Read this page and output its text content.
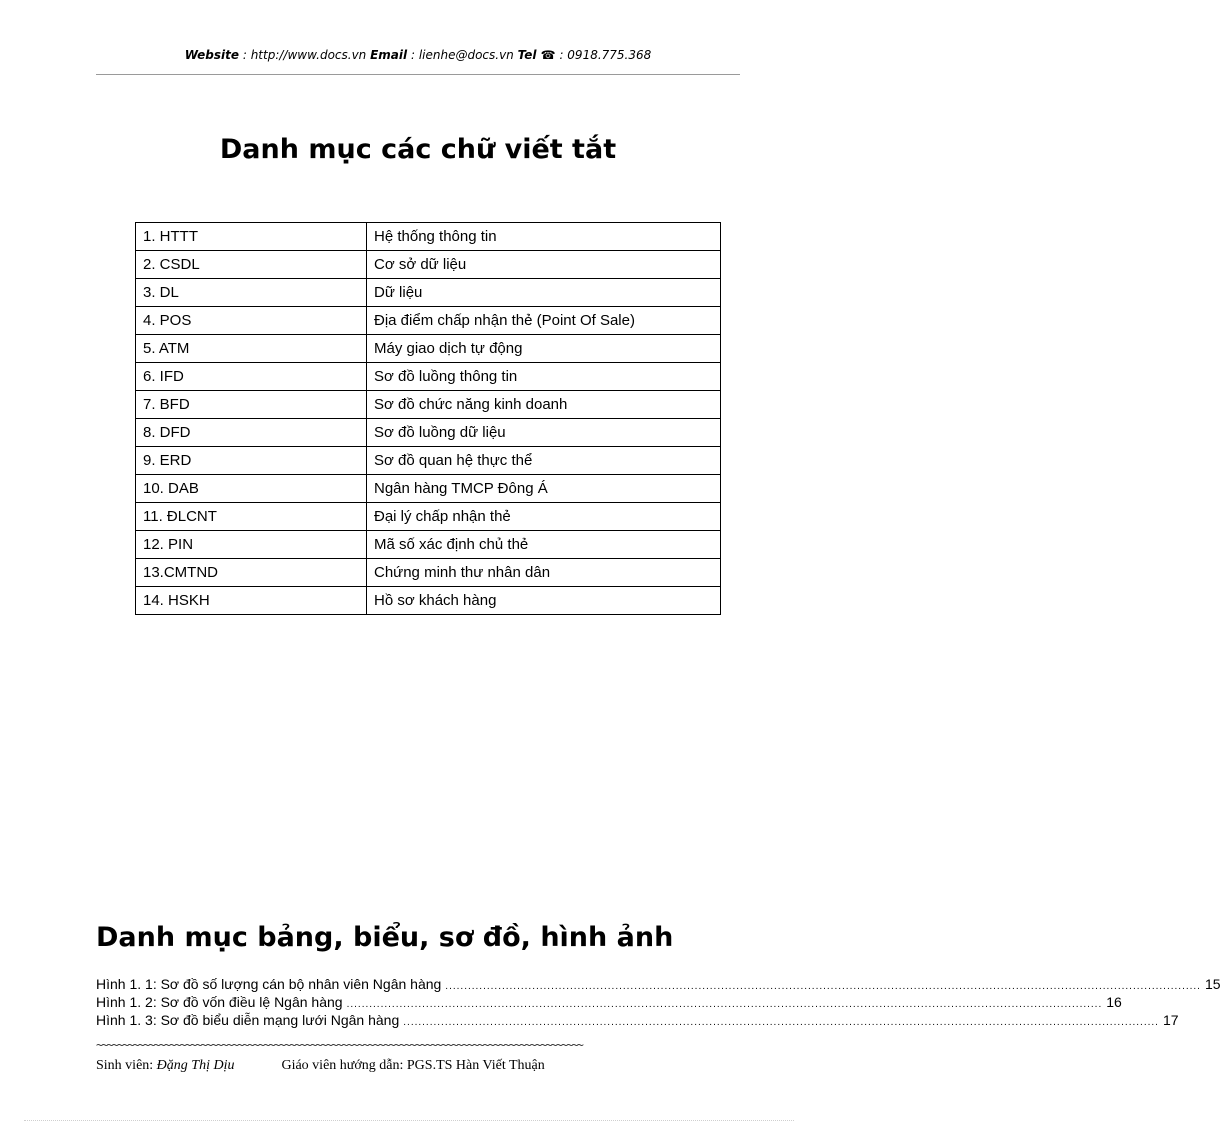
Website : http://www.docs.vn Email : lienhe@docs.vn Tel ☎ : 0918.775.368
Danh mục các chữ viết tắt
1. HTTT	Hệ thống thông tin
2. CSDL	Cơ sở dữ liệu
3. DL	Dữ liệu
4. POS	Địa điểm chấp nhận thẻ (Point Of Sale)
5. ATM	Máy giao dịch tự động
6. IFD	Sơ đồ luồng thông tin
7. BFD	Sơ đồ chức năng kinh doanh
8. DFD	Sơ đồ luồng dữ liệu
9. ERD	Sơ đồ quan hệ thực thể
10. DAB	Ngân hàng TMCP Đông Á
11. ĐLCNT	Đại lý chấp nhận thẻ
12. PIN	Mã số xác định chủ thẻ
13.CMTND	Chứng minh thư nhân dân
14. HSKH	Hồ sơ khách hàng
Danh mục bảng, biểu, sơ đồ, hình ảnh
Hình 1. 1: Sơ đồ số lượng cán bộ nhân viên Ngân hàng ........................................................................................................................................................................................................ 15
Hình 1. 2: Sơ đồ vốn điều lệ Ngân hàng ........................................................................................................................................................................................................ 16
Hình 1. 3: Sơ đồ biểu diễn mạng lưới Ngân hàng ........................................................................................................................................................................................................ 17
~~~~~~~~~~~~~~~~~~~~~~~~~~~~~~~~~~~~~~~~~~~~~~~~~~~~~~~~~~~~~~~~~~~~~~~~~~~~~~~~~~~~~~~~~~~~~
Sinh viên: Đặng Thị Dịu	Giáo viên hướng dẫn: PGS.TS Hàn Viết Thuận
